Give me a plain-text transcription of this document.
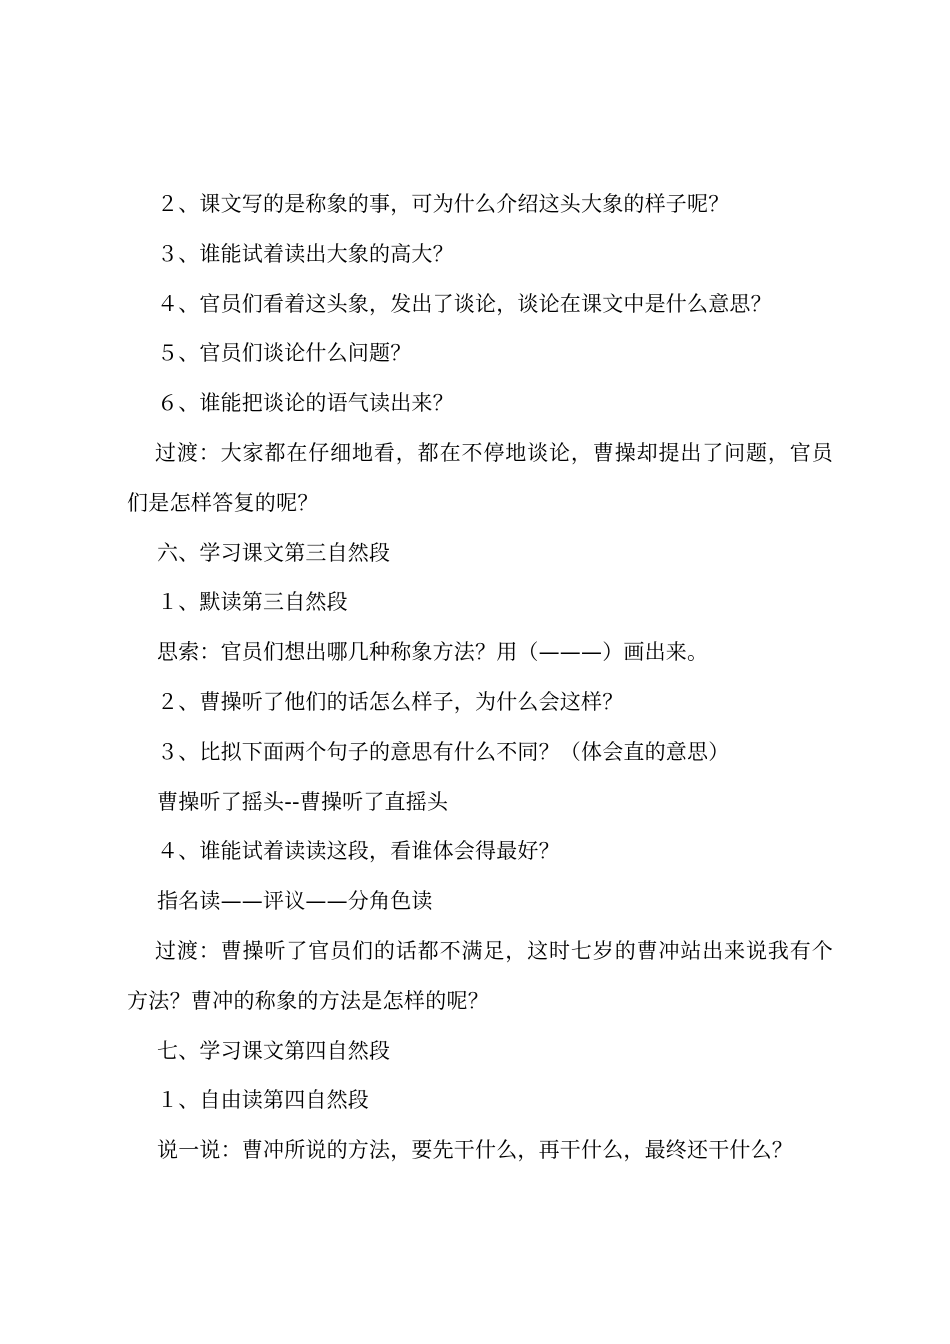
２、课文写的是称象的事，可为什么介绍这头大象的样子呢？
３、谁能试着读出大象的高大？
４、官员们看着这头象，发出了谈论，谈论在课文中是什么意思？
５、官员们谈论什么问题？
６、谁能把谈论的语气读出来？
过渡：大家都在仔细地看，都在不停地谈论，曹操却提出了问题，官员们是怎样答复的呢？
六、学习课文第三自然段
１、默读第三自然段
思索：官员们想出哪几种称象方法？用（———）画出来。
２、曹操听了他们的话怎么样子，为什么会这样？
３、比拟下面两个句子的意思有什么不同？（体会直的意思）
曹操听了摇头--曹操听了直摇头
４、谁能试着读读这段，看谁体会得最好？
指名读——评议——分角色读
过渡：曹操听了官员们的话都不满足，这时七岁的曹冲站出来说我有个方法？曹冲的称象的方法是怎样的呢？
七、学习课文第四自然段
１、自由读第四自然段
说一说：曹冲所说的方法，要先干什么，再干什么，最终还干什么？
